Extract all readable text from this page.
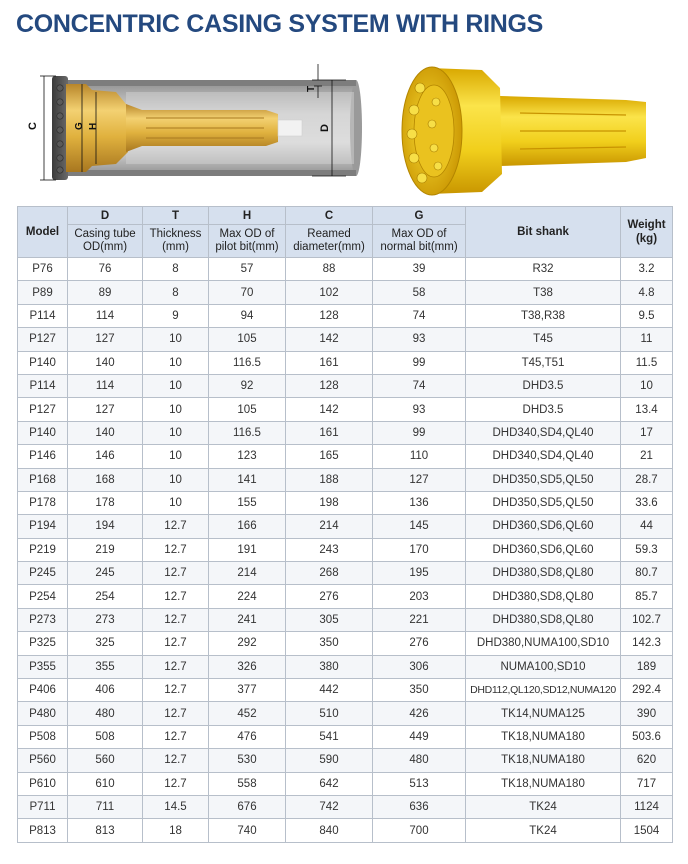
CONCENTRIC CASING SYSTEM WITH RINGS
C	G H
T
D
Model	D	T	H	C	G	Bit shank	Weight (kg)
	Casing tube OD(mm)	Thickness (mm)	Max OD of pilot bit(mm)	Reamed diameter(mm)	Max OD of normal bit(mm)		
P76	76	8	57	88	39	R32	3.2
P89	89	8	70	102	58	T38	4.8
P114	114	9	94	128	74	T38,R38	9.5
P127	127	10	105	142	93	T45	11
P140	140	10	116.5	161	99	T45,T51	11.5
P114	114	10	92	128	74	DHD3.5	10
P127	127	10	105	142	93	DHD3.5	13.4
P140	140	10	116.5	161	99	DHD340,SD4,QL40	17
P146	146	10	123	165	110	DHD340,SD4,QL40	21
P168	168	10	141	188	127	DHD350,SD5,QL50	28.7
P178	178	10	155	198	136	DHD350,SD5,QL50	33.6
P194	194	12.7	166	214	145	DHD360,SD6,QL60	44
P219	219	12.7	191	243	170	DHD360,SD6,QL60	59.3
P245	245	12.7	214	268	195	DHD380,SD8,QL80	80.7
P254	254	12.7	224	276	203	DHD380,SD8,QL80	85.7
P273	273	12.7	241	305	221	DHD380,SD8,QL80	102.7
P325	325	12.7	292	350	276	DHD380,NUMA100,SD10	142.3
P355	355	12.7	326	380	306	NUMA100,SD10	189
P406	406	12.7	377	442	350	DHD112,QL120,SD12,NUMA120	292.4
P480	480	12.7	452	510	426	TK14,NUMA125	390
P508	508	12.7	476	541	449	TK18,NUMA180	503.6
P560	560	12.7	530	590	480	TK18,NUMA180	620
P610	610	12.7	558	642	513	TK18,NUMA180	717
P711	711	14.5	676	742	636	TK24	1124
P813	813	18	740	840	700	TK24	1504
